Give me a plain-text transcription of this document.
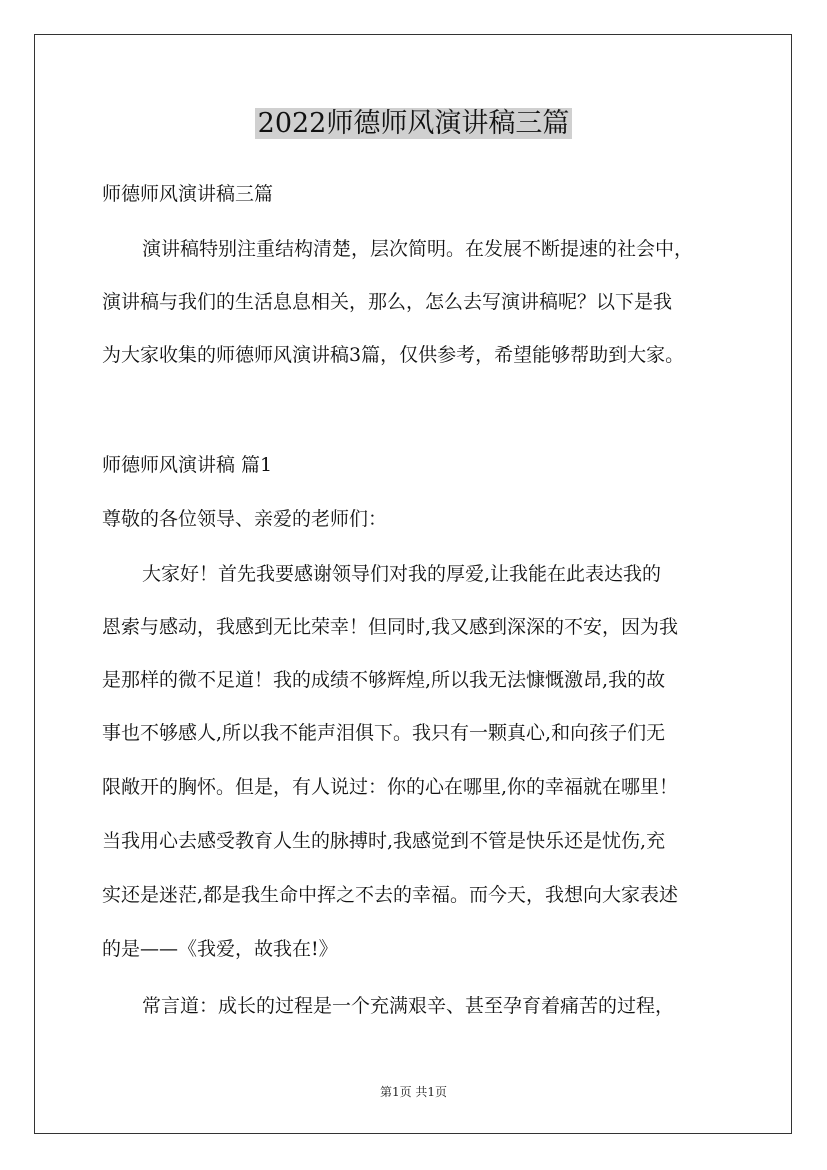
2022师德师风演讲稿三篇
师德师风演讲稿三篇
演讲稿特别注重结构清楚，层次简明。在发展不断提速的社会中，
演讲稿与我们的生活息息相关，那么，怎么去写演讲稿呢？以下是我
为大家收集的师德师风演讲稿3篇，仅供参考，希望能够帮助到大家。
师德师风演讲稿 篇1
尊敬的各位领导、亲爱的老师们：
大家好！首先我要感谢领导们对我的厚爱,让我能在此表达我的
恩索与感动，我感到无比荣幸！但同时,我又感到深深的不安，因为我
是那样的微不足道！我的成绩不够辉煌,所以我无法慷慨激昂,我的故
事也不够感人,所以我不能声泪俱下。我只有一颗真心,和向孩子们无
限敞开的胸怀。但是，有人说过：你的心在哪里,你的幸福就在哪里！
当我用心去感受教育人生的脉搏时,我感觉到不管是快乐还是忧伤,充
实还是迷茫,都是我生命中挥之不去的幸福。而今天，我想向大家表述
的是——《我爱，故我在!》
常言道：成长的过程是一个充满艰辛、甚至孕育着痛苦的过程，
第1页 共1页
